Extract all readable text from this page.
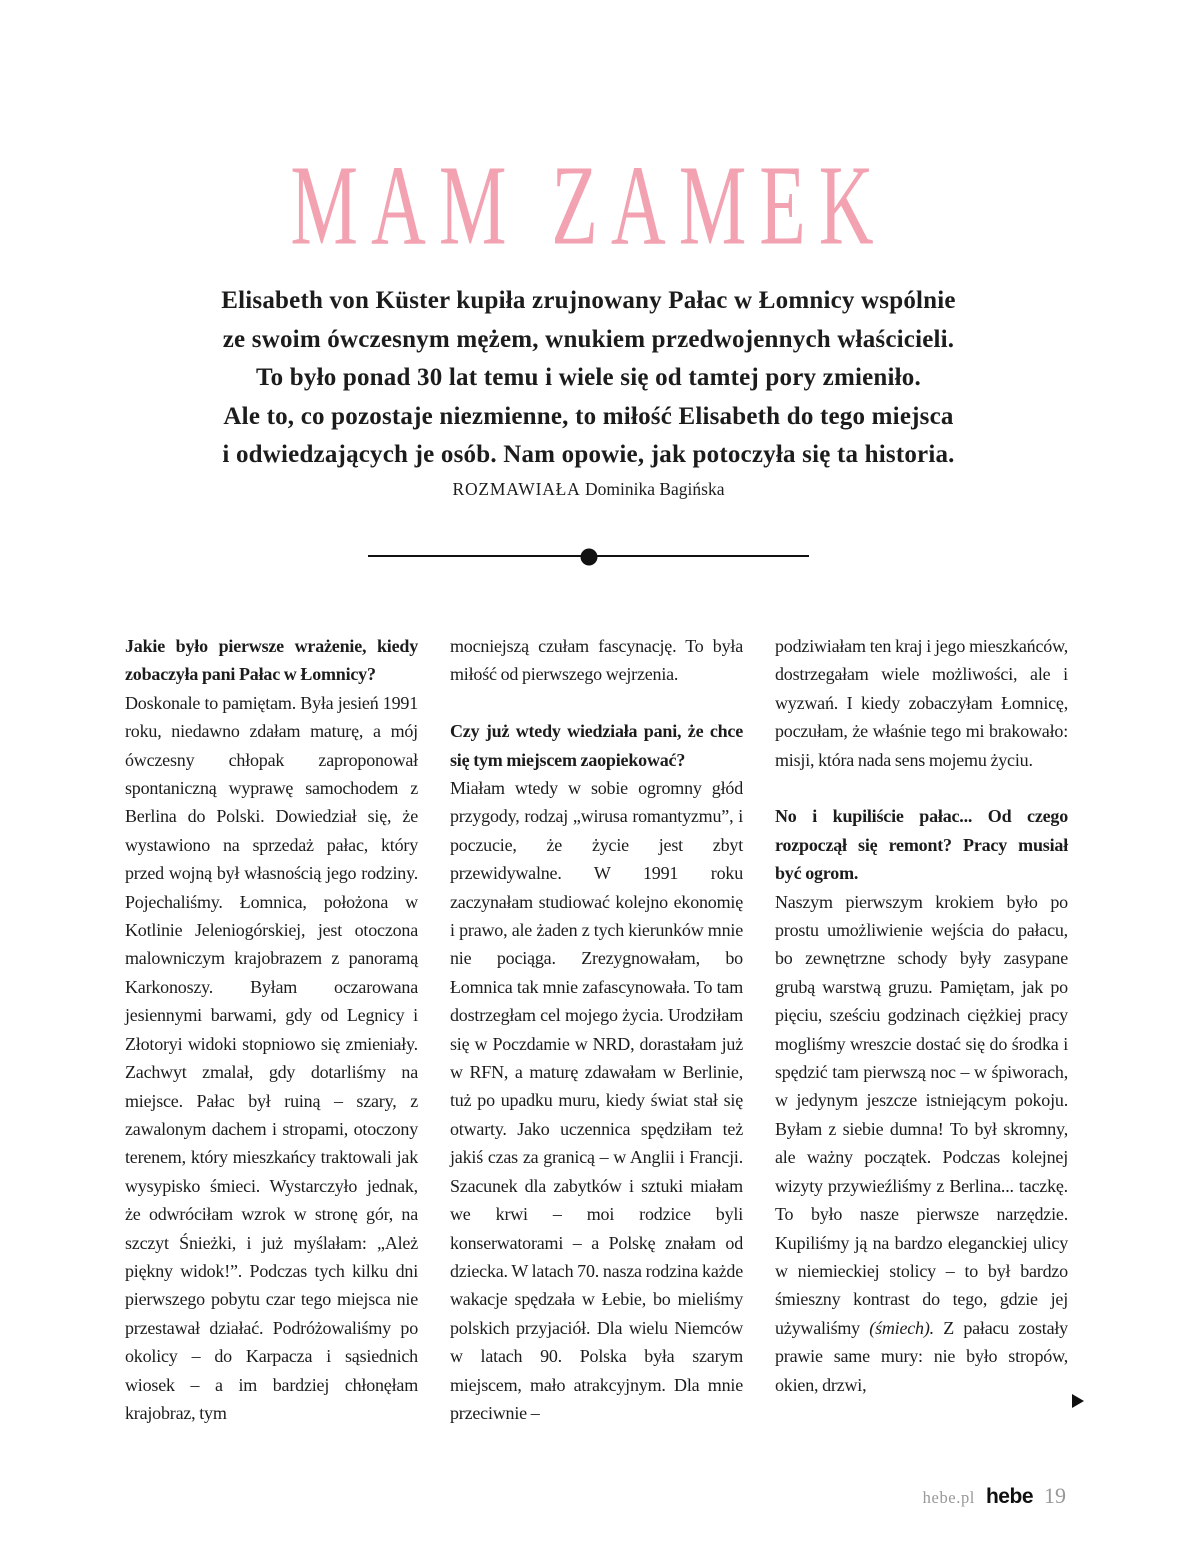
MAM ZAMEK
Elisabeth von Küster kupiła zrujnowany Pałac w Łomnicy wspólnie
ze swoim ówczesnym mężem, wnukiem przedwojennych właścicieli.
To było ponad 30 lat temu i wiele się od tamtej pory zmieniło.
Ale to, co pozostaje niezmienne, to miłość Elisabeth do tego miejsca
i odwiedzających je osób. Nam opowie, jak potoczyła się ta historia.
ROZMAWIAŁA Dominika Bagińska

Jakie było pierwsze wrażenie, kiedy zobaczyła pani Pałac w Łomnicy?

Doskonale to pamiętam. Była jesień 1991 roku, niedawno zdałam maturę, a mój ówczesny chłopak zaproponował spontaniczną wyprawę samochodem z Berlina do Polski. Dowiedział się, że wystawiono na sprzedaż pałac, który przed wojną był własnością jego rodziny. Pojechaliśmy. Łomnica, położona w Kotlinie Jeleniogórskiej, jest otoczona malowniczym krajobrazem z panoramą Karkonoszy. Byłam oczarowana jesiennymi barwami, gdy od Legnicy i Złotoryi widoki stopniowo się zmieniały. Zachwyt zmalał, gdy dotarliśmy na miejsce. Pałac był ruiną – szary, z zawalonym dachem i stropami, otoczony terenem, który mieszkańcy traktowali jak wysypisko śmieci. Wystarczyło jednak, że odwróciłam wzrok w stronę gór, na szczyt Śnieżki, i już myślałam: „Ależ piękny widok!”. Podczas tych kilku dni pierwszego pobytu czar tego miejsca nie przestawał działać. Podróżowaliśmy po okolicy – do Karpacza i sąsiednich wiosek – a im bardziej chłonęłam krajobraz, tym

mocniejszą czułam fascynację. To była miłość od pierwszego wejrzenia.

Czy już wtedy wiedziała pani, że chce się tym miejscem zaopiekować?

Miałam wtedy w sobie ogromny głód przygody, rodzaj „wirusa romantyzmu”, i poczucie, że życie jest zbyt przewidywalne. W 1991 roku zaczynałam studiować kolejno ekonomię i prawo, ale żaden z tych kierunków mnie nie pociąga. Zrezygnowałam, bo Łomnica tak mnie zafascynowała. To tam dostrzegłam cel mojego życia. Urodziłam się w Poczdamie w NRD, dorastałam już w RFN, a maturę zdawałam w Berlinie, tuż po upadku muru, kiedy świat stał się otwarty. Jako uczennica spędziłam też jakiś czas za granicą – w Anglii i Francji. Szacunek dla zabytków i sztuki miałam we krwi – moi rodzice byli konserwatorami – a Polskę znałam od dziecka. W latach 70. nasza rodzina każde wakacje spędzała w Łebie, bo mieliśmy polskich przyjaciół. Dla wielu Niemców w latach 90. Polska była szarym miejscem, mało atrakcyjnym. Dla mnie przeciwnie –

podziwiałam ten kraj i jego mieszkańców, dostrzegałam wiele możliwości, ale i wyzwań. I kiedy zobaczyłam Łomnicę, poczułam, że właśnie tego mi brakowało: misji, która nada sens mojemu życiu.

No i kupiliście pałac... Od czego rozpoczął się remont? Pracy musiał być ogrom.

Naszym pierwszym krokiem było po prostu umożliwienie wejścia do pałacu, bo zewnętrzne schody były zasypane grubą warstwą gruzu. Pamiętam, jak po pięciu, sześciu godzinach ciężkiej pracy mogliśmy wreszcie dostać się do środka i spędzić tam pierwszą noc – w śpiworach, w jedynym jeszcze istniejącym pokoju. Byłam z siebie dumna! To był skromny, ale ważny początek. Podczas kolejnej wizyty przywieźliśmy z Berlina... taczkę. To było nasze pierwsze narzędzie. Kupiliśmy ją na bardzo eleganckiej ulicy w niemieckiej stolicy – to był bardzo śmieszny kontrast do tego, gdzie jej używaliśmy (śmiech). Z pałacu zostały prawie same mury: nie było stropów, okien, drzwi,

hebe.pl hebe 19
